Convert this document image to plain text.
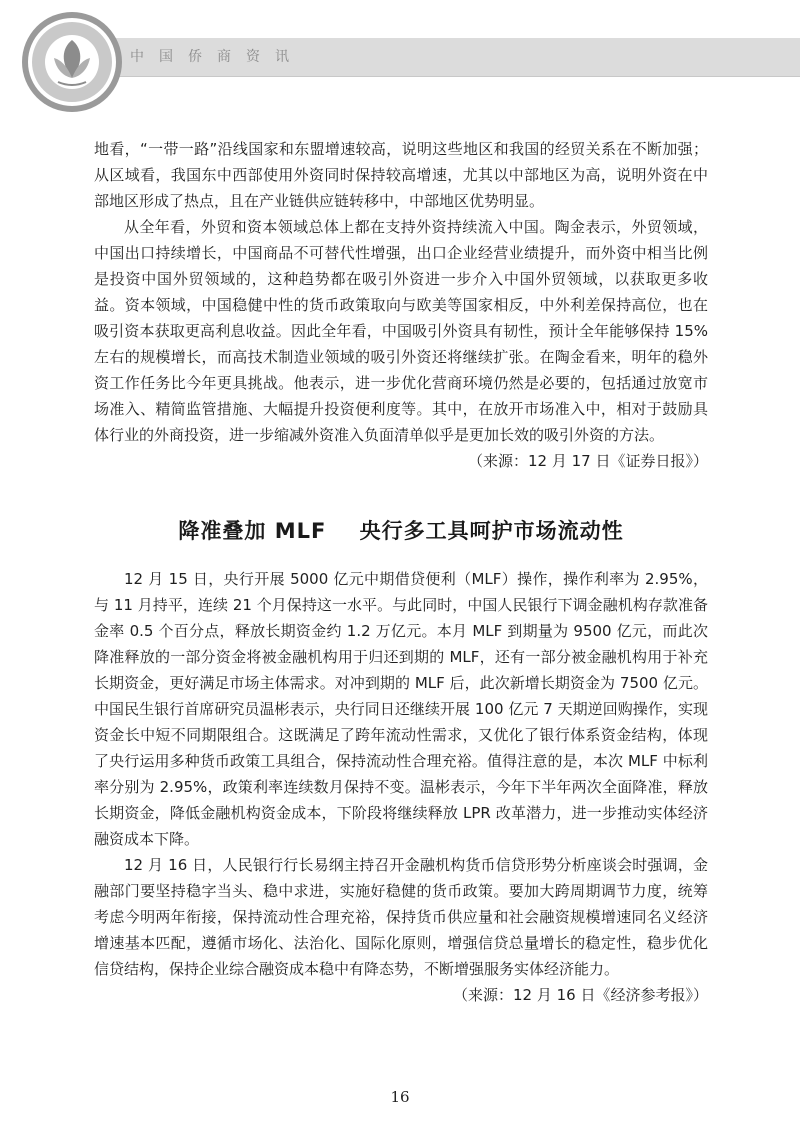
中国侨商资讯

地看，“一带一路”沿线国家和东盟增速较高，说明这些地区和我国的经贸关系在不断加强；从区域看，我国东中西部使用外资同时保持较高增速，尤其以中部地区为高，说明外资在中部地区形成了热点，且在产业链供应链转移中，中部地区优势明显。

从全年看，外贸和资本领域总体上都在支持外资持续流入中国。陶金表示，外贸领域，中国出口持续增长，中国商品不可替代性增强，出口企业经营业绩提升，而外资中相当比例是投资中国外贸领域的，这种趋势都在吸引外资进一步介入中国外贸领域，以获取更多收益。资本领域，中国稳健中性的货币政策取向与欧美等国家相反，中外利差保持高位，也在吸引资本获取更高利息收益。因此全年看，中国吸引外资具有韧性，预计全年能够保持 15% 左右的规模增长，而高技术制造业领域的吸引外资还将继续扩张。在陶金看来，明年的稳外资工作任务比今年更具挑战。他表示，进一步优化营商环境仍然是必要的，包括通过放宽市场准入、精简监管措施、大幅提升投资便利度等。其中，在放开市场准入中，相对于鼓励具体行业的外商投资，进一步缩减外资准入负面清单似乎是更加长效的吸引外资的方法。

（来源：12 月 17 日《证券日报》）

降准叠加 MLF    央行多工具呵护市场流动性

12 月 15 日，央行开展 5000 亿元中期借贷便利（MLF）操作，操作利率为 2.95%，与 11 月持平，连续 21 个月保持这一水平。与此同时，中国人民银行下调金融机构存款准备金率 0.5 个百分点，释放长期资金约 1.2 万亿元。本月 MLF 到期量为 9500 亿元，而此次降准释放的一部分资金将被金融机构用于归还到期的 MLF，还有一部分被金融机构用于补充长期资金，更好满足市场主体需求。对冲到期的 MLF 后，此次新增长期资金为 7500 亿元。中国民生银行首席研究员温彬表示，央行同日还继续开展 100 亿元 7 天期逆回购操作，实现资金长中短不同期限组合。这既满足了跨年流动性需求，又优化了银行体系资金结构，体现了央行运用多种货币政策工具组合，保持流动性合理充裕。值得注意的是，本次 MLF 中标利率分别为 2.95%，政策利率连续数月保持不变。温彬表示，今年下半年两次全面降准，释放长期资金，降低金融机构资金成本，下阶段将继续释放 LPR 改革潜力，进一步推动实体经济融资成本下降。

12 月 16 日，人民银行行长易纲主持召开金融机构货币信贷形势分析座谈会时强调，金融部门要坚持稳字当头、稳中求进，实施好稳健的货币政策。要加大跨周期调节力度，统筹考虑今明两年衔接，保持流动性合理充裕，保持货币供应量和社会融资规模增速同名义经济增速基本匹配，遵循市场化、法治化、国际化原则，增强信贷总量增长的稳定性，稳步优化信贷结构，保持企业综合融资成本稳中有降态势，不断增强服务实体经济能力。

（来源：12 月 16 日《经济参考报》）

16
